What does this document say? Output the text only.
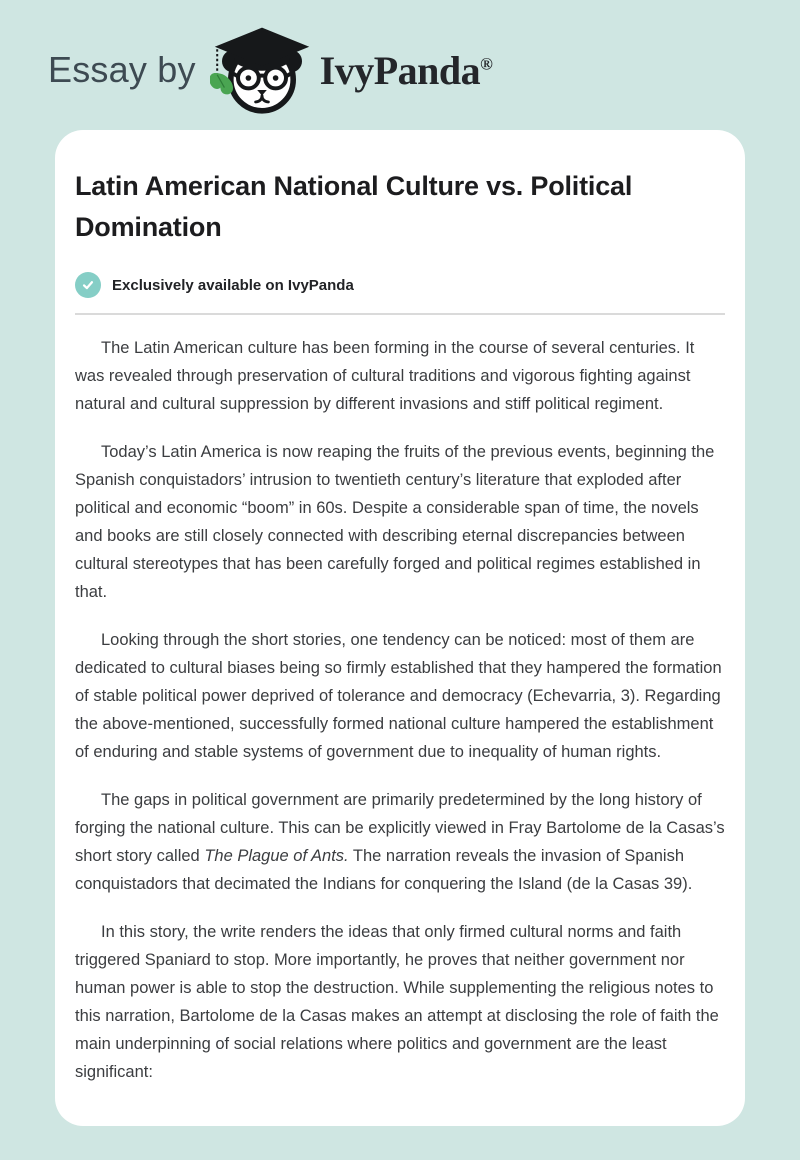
Essay by	IvyPanda®
Latin American National Culture vs. Political Domination
Exclusively available on IvyPanda

The Latin American culture has been forming in the course of several centuries. It was revealed through preservation of cultural traditions and vigorous fighting against natural and cultural suppression by different invasions and stiff political regiment.

Today’s Latin America is now reaping the fruits of the previous events, beginning the Spanish conquistadors’ intrusion to twentieth century’s literature that exploded after political and economic “boom” in 60s. Despite a considerable span of time, the novels and books are still closely connected with describing eternal discrepancies between cultural stereotypes that has been carefully forged and political regimes established in that.

Looking through the short stories, one tendency can be noticed: most of them are dedicated to cultural biases being so firmly established that they hampered the formation of stable political power deprived of tolerance and democracy (Echevarria, 3). Regarding the above-mentioned, successfully formed national culture hampered the establishment of enduring and stable systems of government due to inequality of human rights.

The gaps in political government are primarily predetermined by the long history of forging the national culture. This can be explicitly viewed in Fray Bartolome de la Casas’s short story called The Plague of Ants. The narration reveals the invasion of Spanish conquistadors that decimated the Indians for conquering the Island (de la Casas 39).

In this story, the write renders the ideas that only firmed cultural norms and faith triggered Spaniard to stop. More importantly, he proves that neither government nor human power is able to stop the destruction. While supplementing the religious notes to this narration, Bartolome de la Casas makes an attempt at disclosing the role of faith the main underpinning of social relations where politics and government are the least significant:
